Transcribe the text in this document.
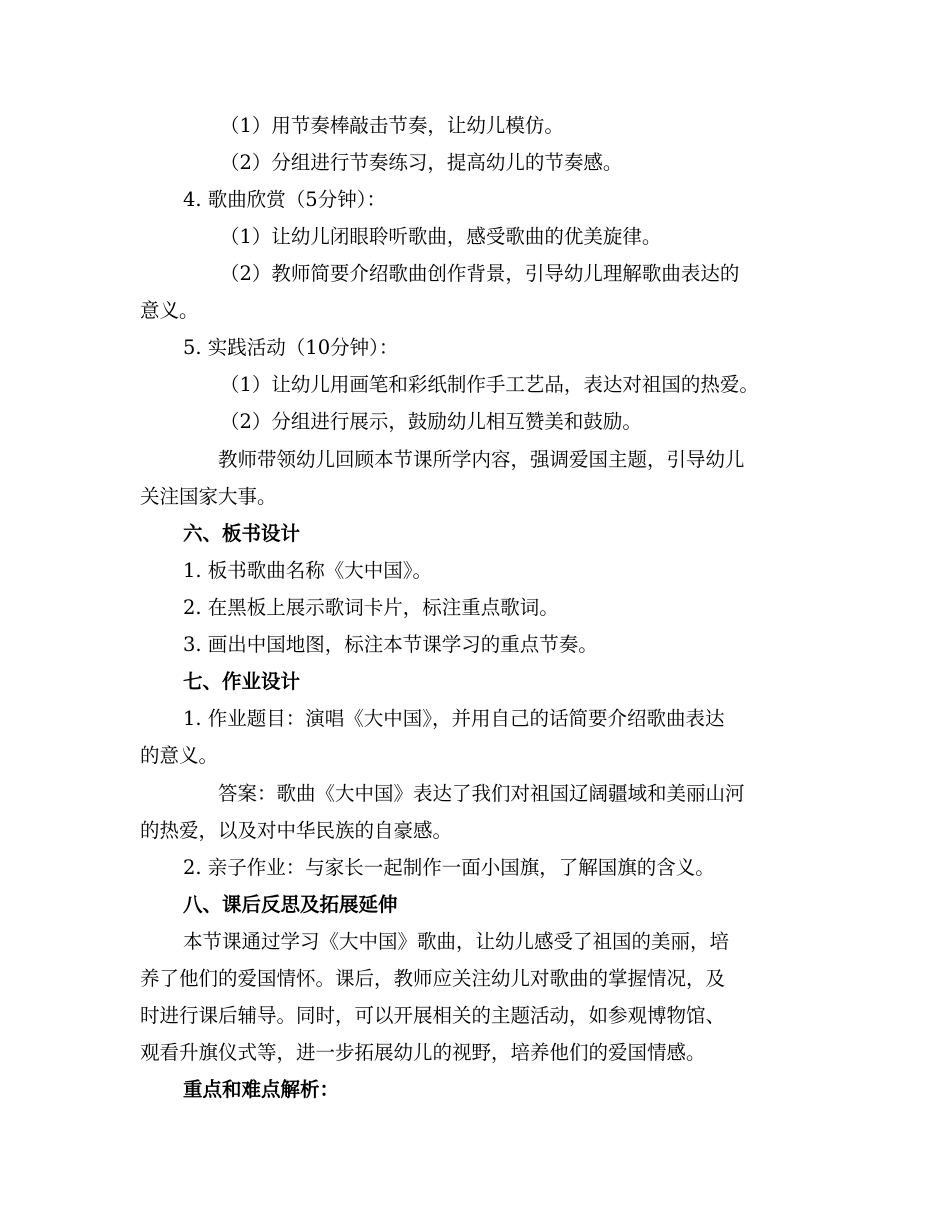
（1）用节奏棒敲击节奏，让幼儿模仿。
（2）分组进行节奏练习，提高幼儿的节奏感。
4. 歌曲欣赏（5分钟）：
（1）让幼儿闭眼聆听歌曲，感受歌曲的优美旋律。
（2）教师简要介绍歌曲创作背景，引导幼儿理解歌曲表达的
意义。
5. 实践活动（10分钟）：
（1）让幼儿用画笔和彩纸制作手工艺品，表达对祖国的热爱。
（2）分组进行展示，鼓励幼儿相互赞美和鼓励。
教师带领幼儿回顾本节课所学内容，强调爱国主题，引导幼儿
关注国家大事。
六、板书设计
1. 板书歌曲名称《大中国》。
2. 在黑板上展示歌词卡片，标注重点歌词。
3. 画出中国地图，标注本节课学习的重点节奏。
七、作业设计
1. 作业题目：演唱《大中国》，并用自己的话简要介绍歌曲表达
的意义。
答案：歌曲《大中国》表达了我们对祖国辽阔疆域和美丽山河
的热爱，以及对中华民族的自豪感。
2. 亲子作业：与家长一起制作一面小国旗，了解国旗的含义。
八、课后反思及拓展延伸
本节课通过学习《大中国》歌曲，让幼儿感受了祖国的美丽，培
养了他们的爱国情怀。课后，教师应关注幼儿对歌曲的掌握情况，及
时进行课后辅导。同时，可以开展相关的主题活动，如参观博物馆、
观看升旗仪式等，进一步拓展幼儿的视野，培养他们的爱国情感。
重点和难点解析：
